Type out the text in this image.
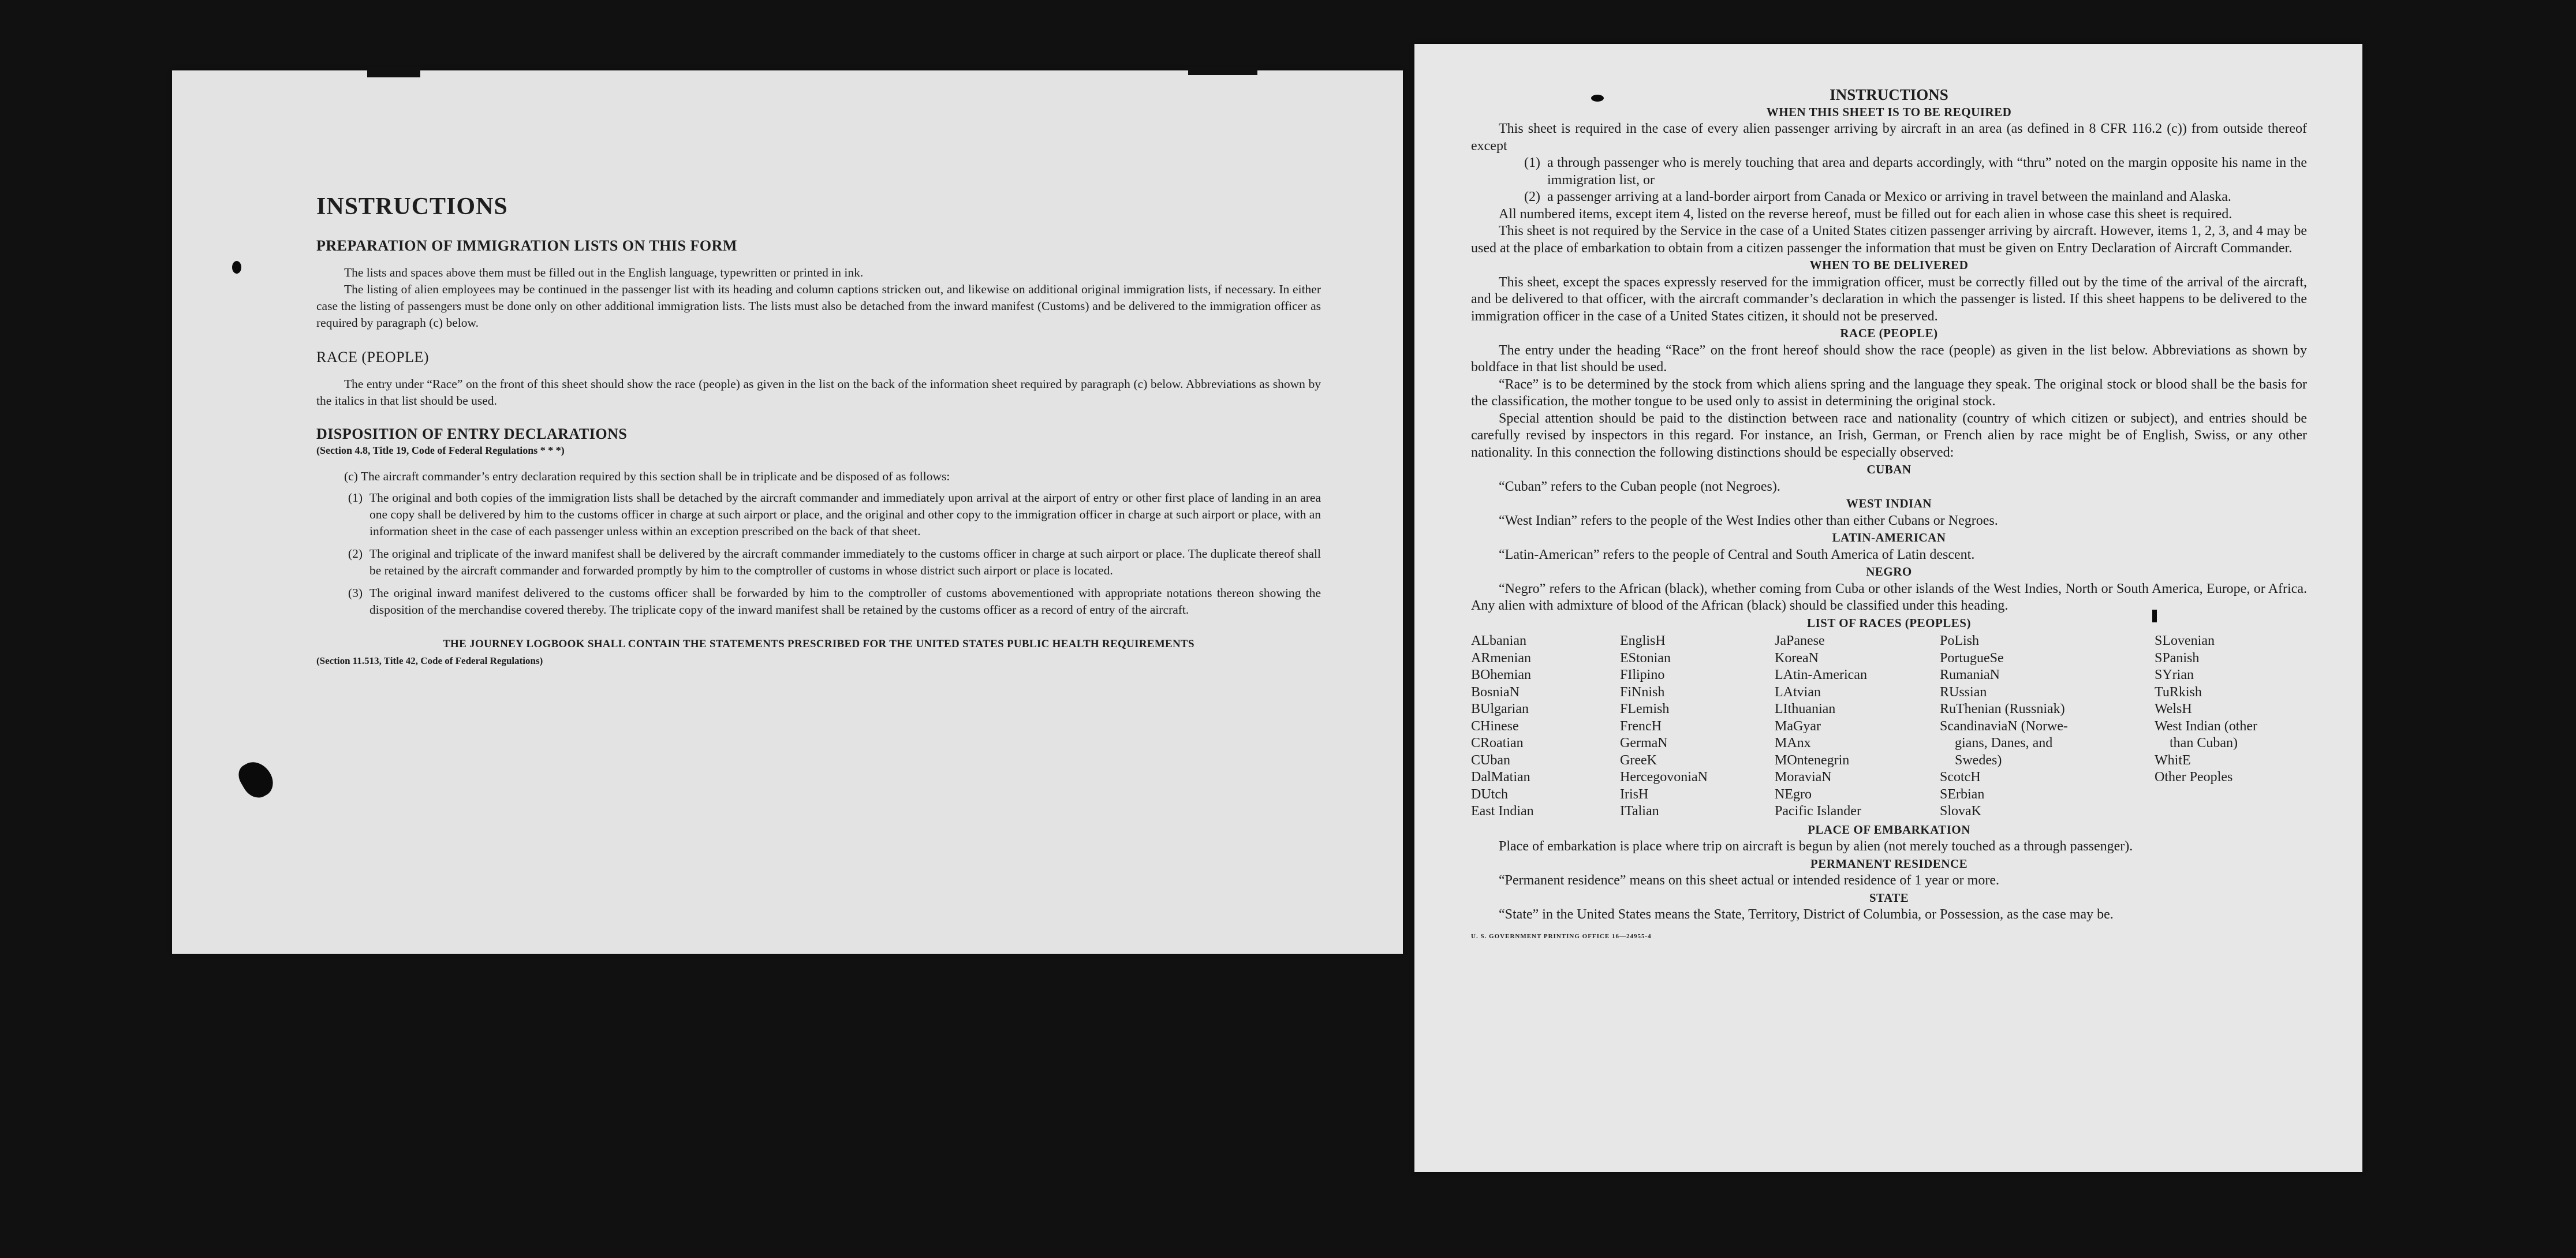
INSTRUCTIONS

PREPARATION OF IMMIGRATION LISTS ON THIS FORM

The lists and spaces above them must be filled out in the English language, typewritten or printed in ink.

The listing of alien employees may be continued in the passenger list with its heading and column captions stricken out, and likewise on additional original immigration lists, if necessary. In either case the listing of passengers must be done only on other additional immigration lists. The lists must also be detached from the inward manifest (Customs) and be delivered to the immigration officer as required by paragraph (c) below.

RACE (PEOPLE)

The entry under “Race” on the front of this sheet should show the race (people) as given in the list on the back of the information sheet required by paragraph (c) below. Abbreviations as shown by the italics in that list should be used.

DISPOSITION OF ENTRY DECLARATIONS

(Section 4.8, Title 19, Code of Federal Regulations * * *)

(c) The aircraft commander’s entry declaration required by this section shall be in triplicate and be disposed of as follows:

(1) The original and both copies of the immigration lists shall be detached by the aircraft commander and immediately upon arrival at the airport of entry or other first place of landing in an area one copy shall be delivered by him to the customs officer in charge at such airport or place, and the original and other copy to the immigration officer in charge at such airport or place, with an information sheet in the case of each passenger unless within an exception prescribed on the back of that sheet.
(2) The original and triplicate of the inward manifest shall be delivered by the aircraft commander immediately to the customs officer in charge at such airport or place. The duplicate thereof shall be retained by the aircraft commander and forwarded promptly by him to the comptroller of customs in whose district such airport or place is located.
(3) The original inward manifest delivered to the customs officer shall be forwarded by him to the comptroller of customs abovementioned with appropriate notations thereon showing the disposition of the merchandise covered thereby. The triplicate copy of the inward manifest shall be retained by the customs officer as a record of entry of the aircraft.

THE JOURNEY LOGBOOK SHALL CONTAIN THE STATEMENTS PRESCRIBED FOR THE UNITED STATES PUBLIC HEALTH REQUIREMENTS

(Section 11.513, Title 42, Code of Federal Regulations)

INSTRUCTIONS

WHEN THIS SHEET IS TO BE REQUIRED

This sheet is required in the case of every alien passenger arriving by aircraft in an area (as defined in 8 CFR 116.2 (c)) from outside thereof except

(1) a through passenger who is merely touching that area and departs accordingly, with “thru” noted on the margin opposite his name in the immigration list, or
(2) a passenger arriving at a land-border airport from Canada or Mexico or arriving in travel between the mainland and Alaska.

All numbered items, except item 4, listed on the reverse hereof, must be filled out for each alien in whose case this sheet is required.

This sheet is not required by the Service in the case of a United States citizen passenger arriving by aircraft. However, items 1, 2, 3, and 4 may be used at the place of embarkation to obtain from a citizen passenger the information that must be given on Entry Declaration of Aircraft Commander.

WHEN TO BE DELIVERED

This sheet, except the spaces expressly reserved for the immigration officer, must be correctly filled out by the time of the arrival of the aircraft, and be delivered to that officer, with the aircraft commander’s declaration in which the passenger is listed. If this sheet happens to be delivered to the immigration officer in the case of a United States citizen, it should not be preserved.

RACE (PEOPLE)

The entry under the heading “Race” on the front hereof should show the race (people) as given in the list below. Abbreviations as shown by boldface in that list should be used.

“Race” is to be determined by the stock from which aliens spring and the language they speak. The original stock or blood shall be the basis for the classification, the mother tongue to be used only to assist in determining the original stock.

Special attention should be paid to the distinction between race and nationality (country of which citizen or subject), and entries should be carefully revised by inspectors in this regard. For instance, an Irish, German, or French alien by race might be of English, Swiss, or any other nationality. In this connection the following distinctions should be especially observed:

CUBAN

“Cuban” refers to the Cuban people (not Negroes).

WEST INDIAN

“West Indian” refers to the people of the West Indies other than either Cubans or Negroes.

LATIN-AMERICAN

“Latin-American” refers to the people of Central and South America of Latin descent.

NEGRO

“Negro” refers to the African (black), whether coming from Cuba or other islands of the West Indies, North or South America, Europe, or Africa. Any alien with admixture of blood of the African (black) should be classified under this heading.

LIST OF RACES (PEOPLES)

ALbanian
ARmenian
BOhemian
BosniaN
BUlgarian
CHinese
CRoatian
CUban
DalMatian
DUtch
East Indian
EnglisH
EStonian
FIlipino
FiNnish
FLemish
FrencH
GermaN
GreeK
HercegovoniaN
IrisH
ITalian
JaPanese
KoreaN
LAtin-American
LAtvian
LIthuanian
MaGyar
MAnx
MOntenegrin
MoraviaN
NEgro
Pacific Islander
PoLish
PortugueSe
RumaniaN
RUssian
RuThenian (Russniak)
ScandinaviaN (Norwe-
gians, Danes, and
Swedes)
ScotcH
SErbian
SlovaK
SLovenian
SPanish
SYrian
TuRkish
WelsH
West Indian (other
than Cuban)
WhitE
Other Peoples

PLACE OF EMBARKATION

Place of embarkation is place where trip on aircraft is begun by alien (not merely touched as a through passenger).

PERMANENT RESIDENCE

“Permanent residence” means on this sheet actual or intended residence of 1 year or more.

STATE

“State” in the United States means the State, Territory, District of Columbia, or Possession, as the case may be.

U. S. GOVERNMENT PRINTING OFFICE 16—24955-4
